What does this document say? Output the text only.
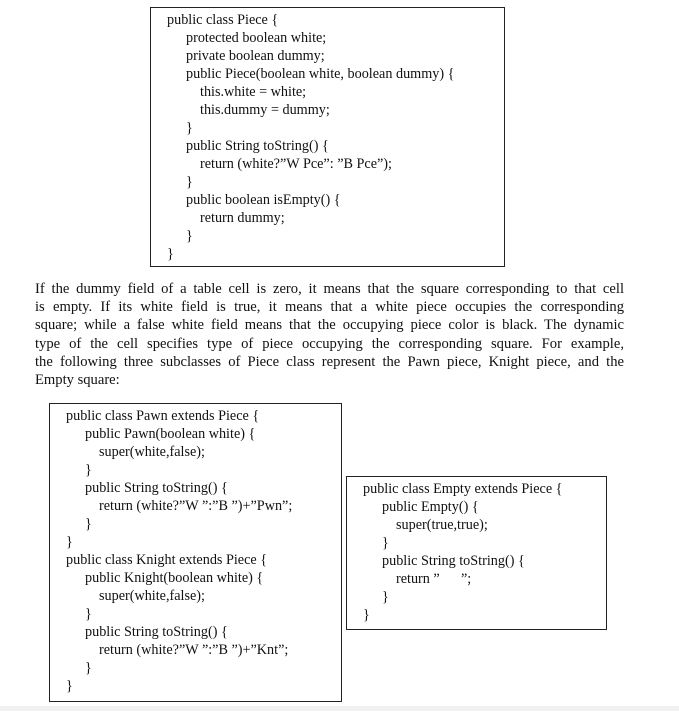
public class Piece {
protected boolean white;
private boolean dummy;
public Piece(boolean white, boolean dummy) {
this.white = white;
this.dummy = dummy;
}
public String toString() {
return (white?”W Pce”: ”B Pce”);
}
public boolean isEmpty() {
return dummy;
}
}
If the dummy field of a table cell is zero, it means that the square corresponding to that cell
is empty. If its white field is true, it means that a white piece occupies the corresponding
square; while a false white field means that the occupying piece color is black. The dynamic
type of the cell specifies type of piece occupying the corresponding square. For example,
the following three subclasses of Piece class represent the Pawn piece, Knight piece, and the
Empty square:
public class Pawn extends Piece {
public Pawn(boolean white) {
super(white,false);
}
public String toString() {
return (white?”W ”:”B ”)+”Pwn”;
}
}
public class Knight extends Piece {
public Knight(boolean white) {
super(white,false);
}
public String toString() {
return (white?”W ”:”B ”)+”Knt”;
}
}
public class Empty extends Piece {
public Empty() {
super(true,true);
}
public String toString() {
return ”      ”;
}
}
